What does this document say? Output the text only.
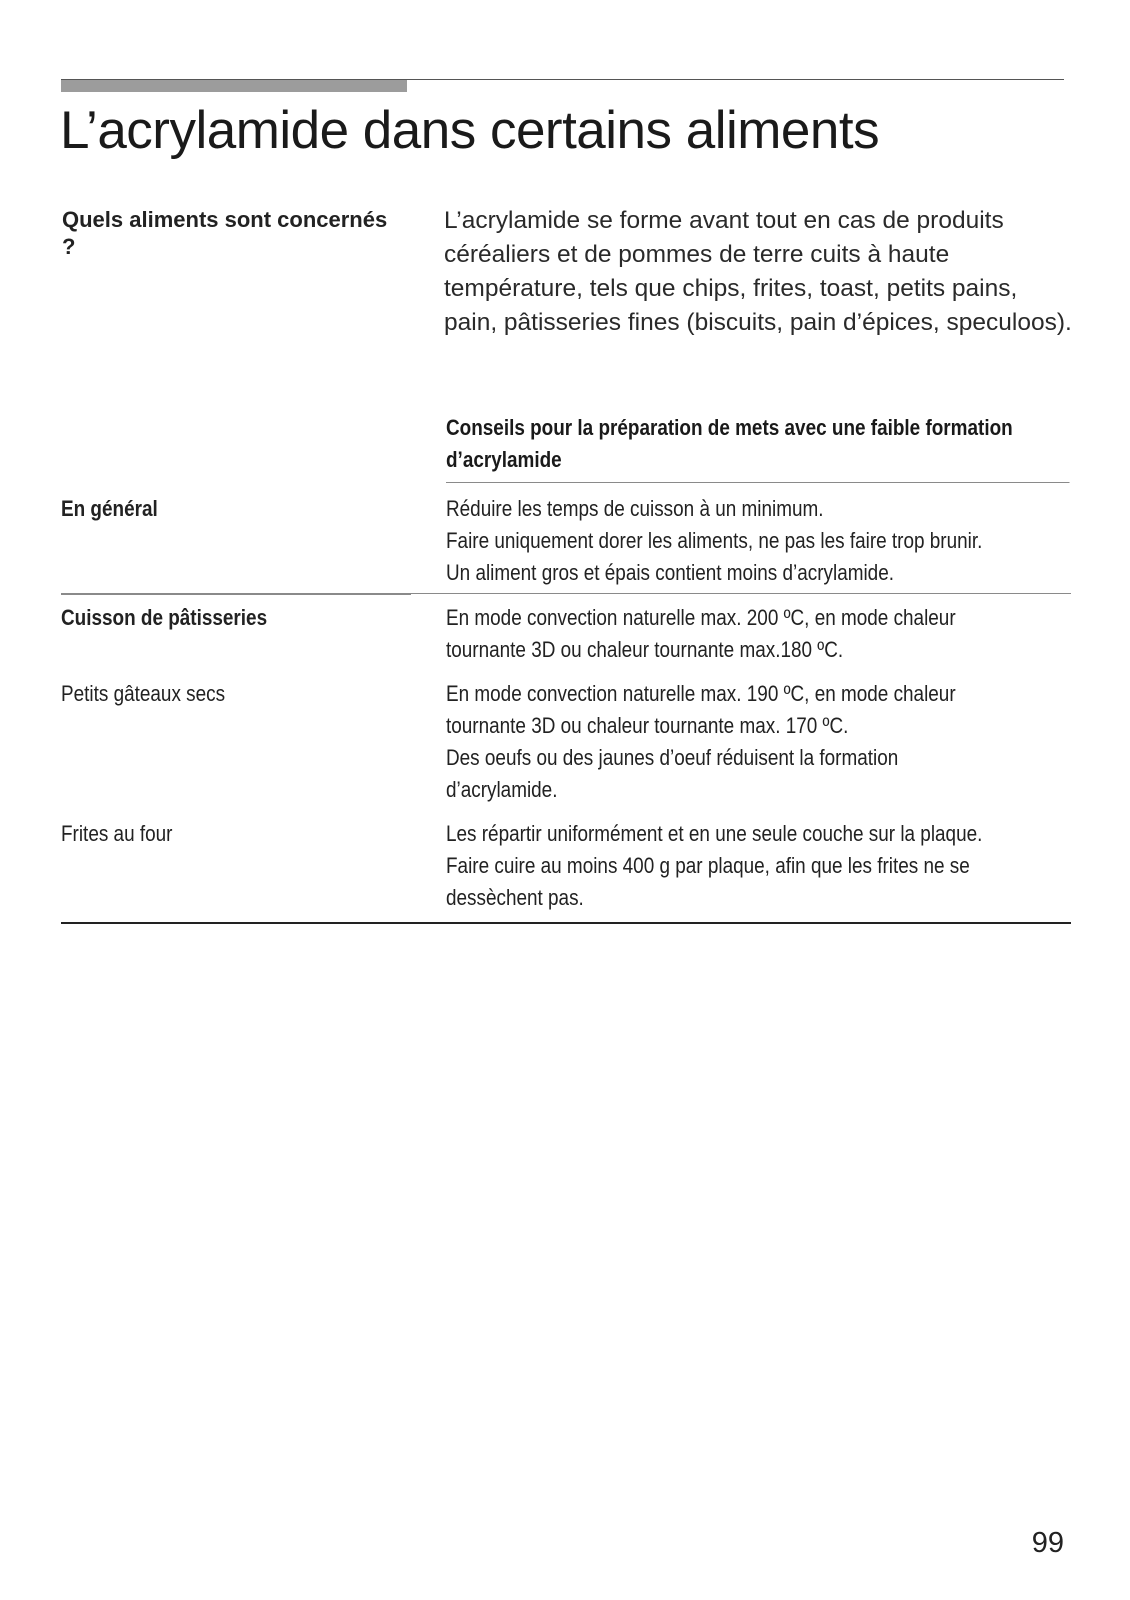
L’acrylamide dans certains aliments
Quels aliments sont concernés ?
L’acrylamide se forme avant tout en cas de produits céréaliers et de pommes de terre cuits à haute température, tels que chips, frites, toast, petits pains, pain, pâtisseries fines (biscuits, pain d’épices, speculoos).
Conseils pour la préparation de mets avec une faible formation d’acrylamide
En général	Réduire les temps de cuisson à un minimum.
Faire uniquement dorer les aliments, ne pas les faire trop brunir.
Un aliment gros et épais contient moins d’acrylamide.
Cuisson de pâtisseries	En mode convection naturelle max. 200 ºC, en mode chaleur tournante 3D ou chaleur tournante max.180 ºC.
Petits gâteaux secs	En mode convection naturelle max. 190 ºC, en mode chaleur tournante 3D ou chaleur tournante max. 170 ºC.
Des oeufs ou des jaunes d’oeuf réduisent la formation d’acrylamide.
Frites au four	Les répartir uniformément et en une seule couche sur la plaque. Faire cuire au moins 400 g par plaque, afin que les frites ne se dessèchent pas.
99
